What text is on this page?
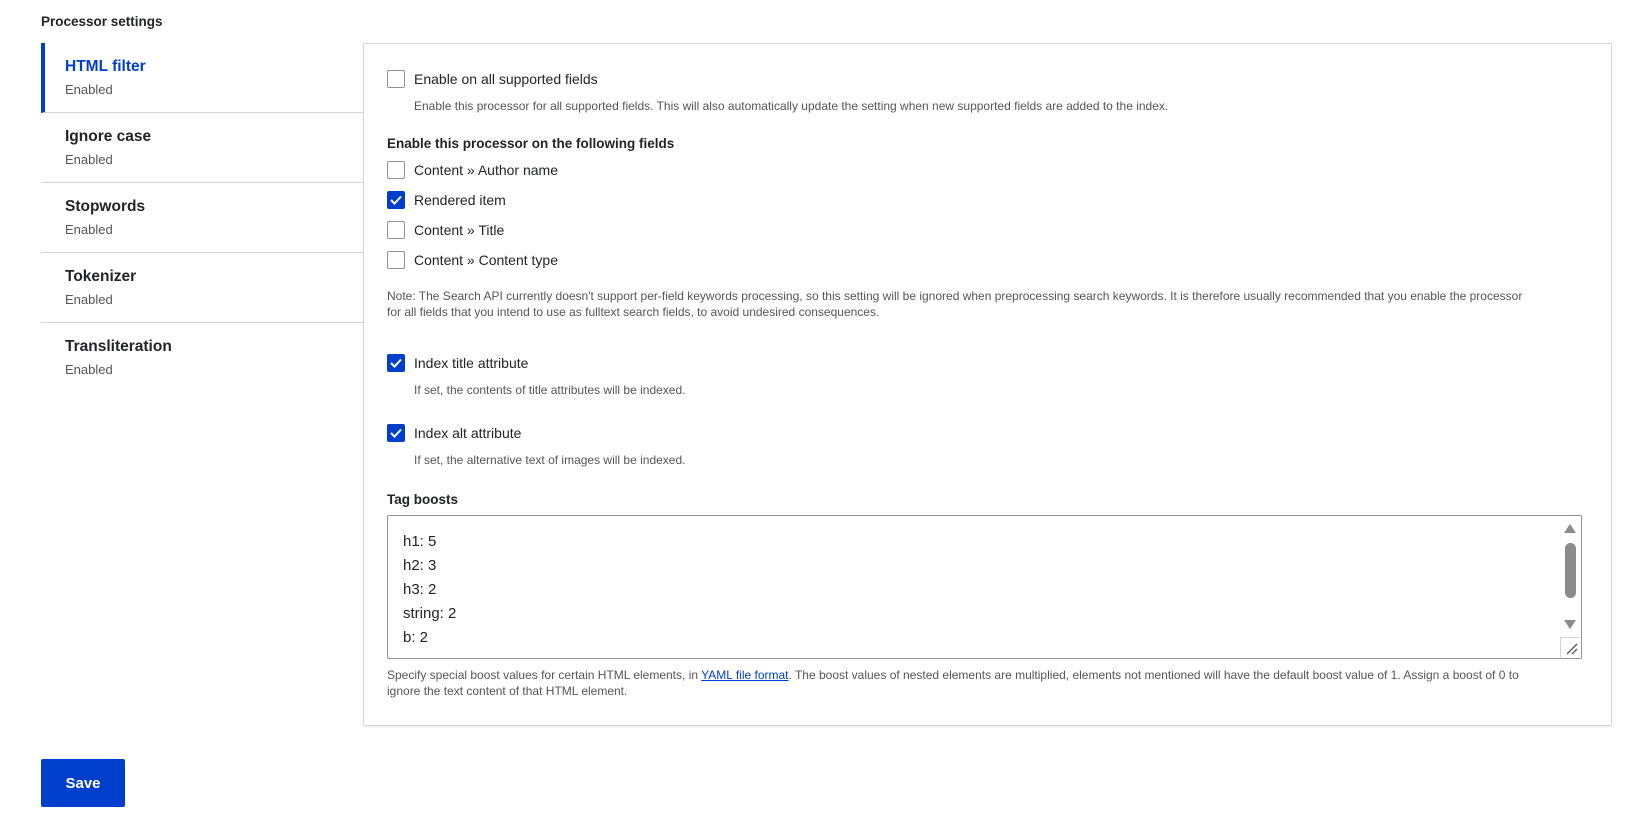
Processor settings
HTML filter
Enabled
Ignore case
Enabled
Stopwords
Enabled
Tokenizer
Enabled
Transliteration
Enabled
Enable on all supported fields
Enable this processor for all supported fields. This will also automatically update the setting when new supported fields are added to the index.
Enable this processor on the following fields
Content » Author name
Rendered item
Content » Title
Content » Content type
Note: The Search API currently doesn't support per-field keywords processing, so this setting will be ignored when preprocessing search keywords. It is therefore usually recommended that you enable the processor
for all fields that you intend to use as fulltext search fields, to avoid undesired consequences.
Index title attribute
If set, the contents of title attributes will be indexed.
Index alt attribute
If set, the alternative text of images will be indexed.
Tag boosts
h1: 5
h2: 3
h3: 2
string: 2
b: 2
Specify special boost values for certain HTML elements, in YAML file format. The boost values of nested elements are multiplied, elements not mentioned will have the default boost value of 1. Assign a boost of 0 to
ignore the text content of that HTML element.
Save
